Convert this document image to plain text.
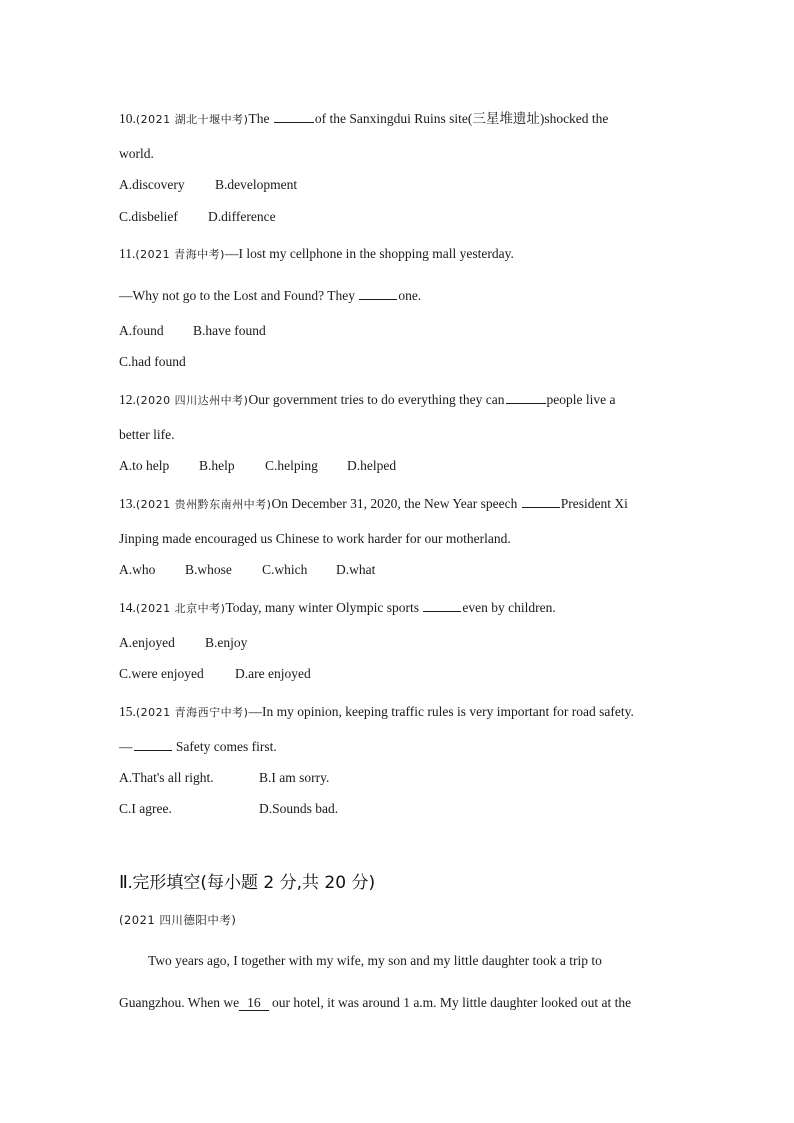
10.(2021 湖北十堰中考)The	of the Sanxingdui Ruins site(三星堆遗址)shocked the
world.
A.discovery B.development
C.disbelief D.difference
11.(2021 青海中考)—I lost my cellphone in the shopping mall yesterday.
—Why not go to the Lost and Found? They	one.
A.found B.have found
C.had found
12.(2020 四川达州中考)Our government tries to do everything they can	people live a
better life.
A.to help B.help C.helping D.helped
13.(2021 贵州黔东南州中考)On December 31, 2020, the New Year speech	President Xi
Jinping made encouraged us Chinese to work harder for our motherland.
A.who B.whose C.which D.what
14.(2021 北京中考)Today, many winter Olympic sports	even by children.
A.enjoyed B.enjoy
C.were enjoyed D.are enjoyed
15.(2021 青海西宁中考)—In my opinion, keeping traffic rules is very important for road safety.
—	Safety comes first.
A.That's all right.	B.I am sorry.
C.I agree.	D.Sounds bad.
Ⅱ.完形填空(每小题 2 分,共 20 分)
(2021 四川德阳中考)
Two years ago, I together with my wife, my son and my little daughter took a trip to
Guangzhou. When we 16 our hotel, it was around 1 a.m. My little daughter looked out at the
